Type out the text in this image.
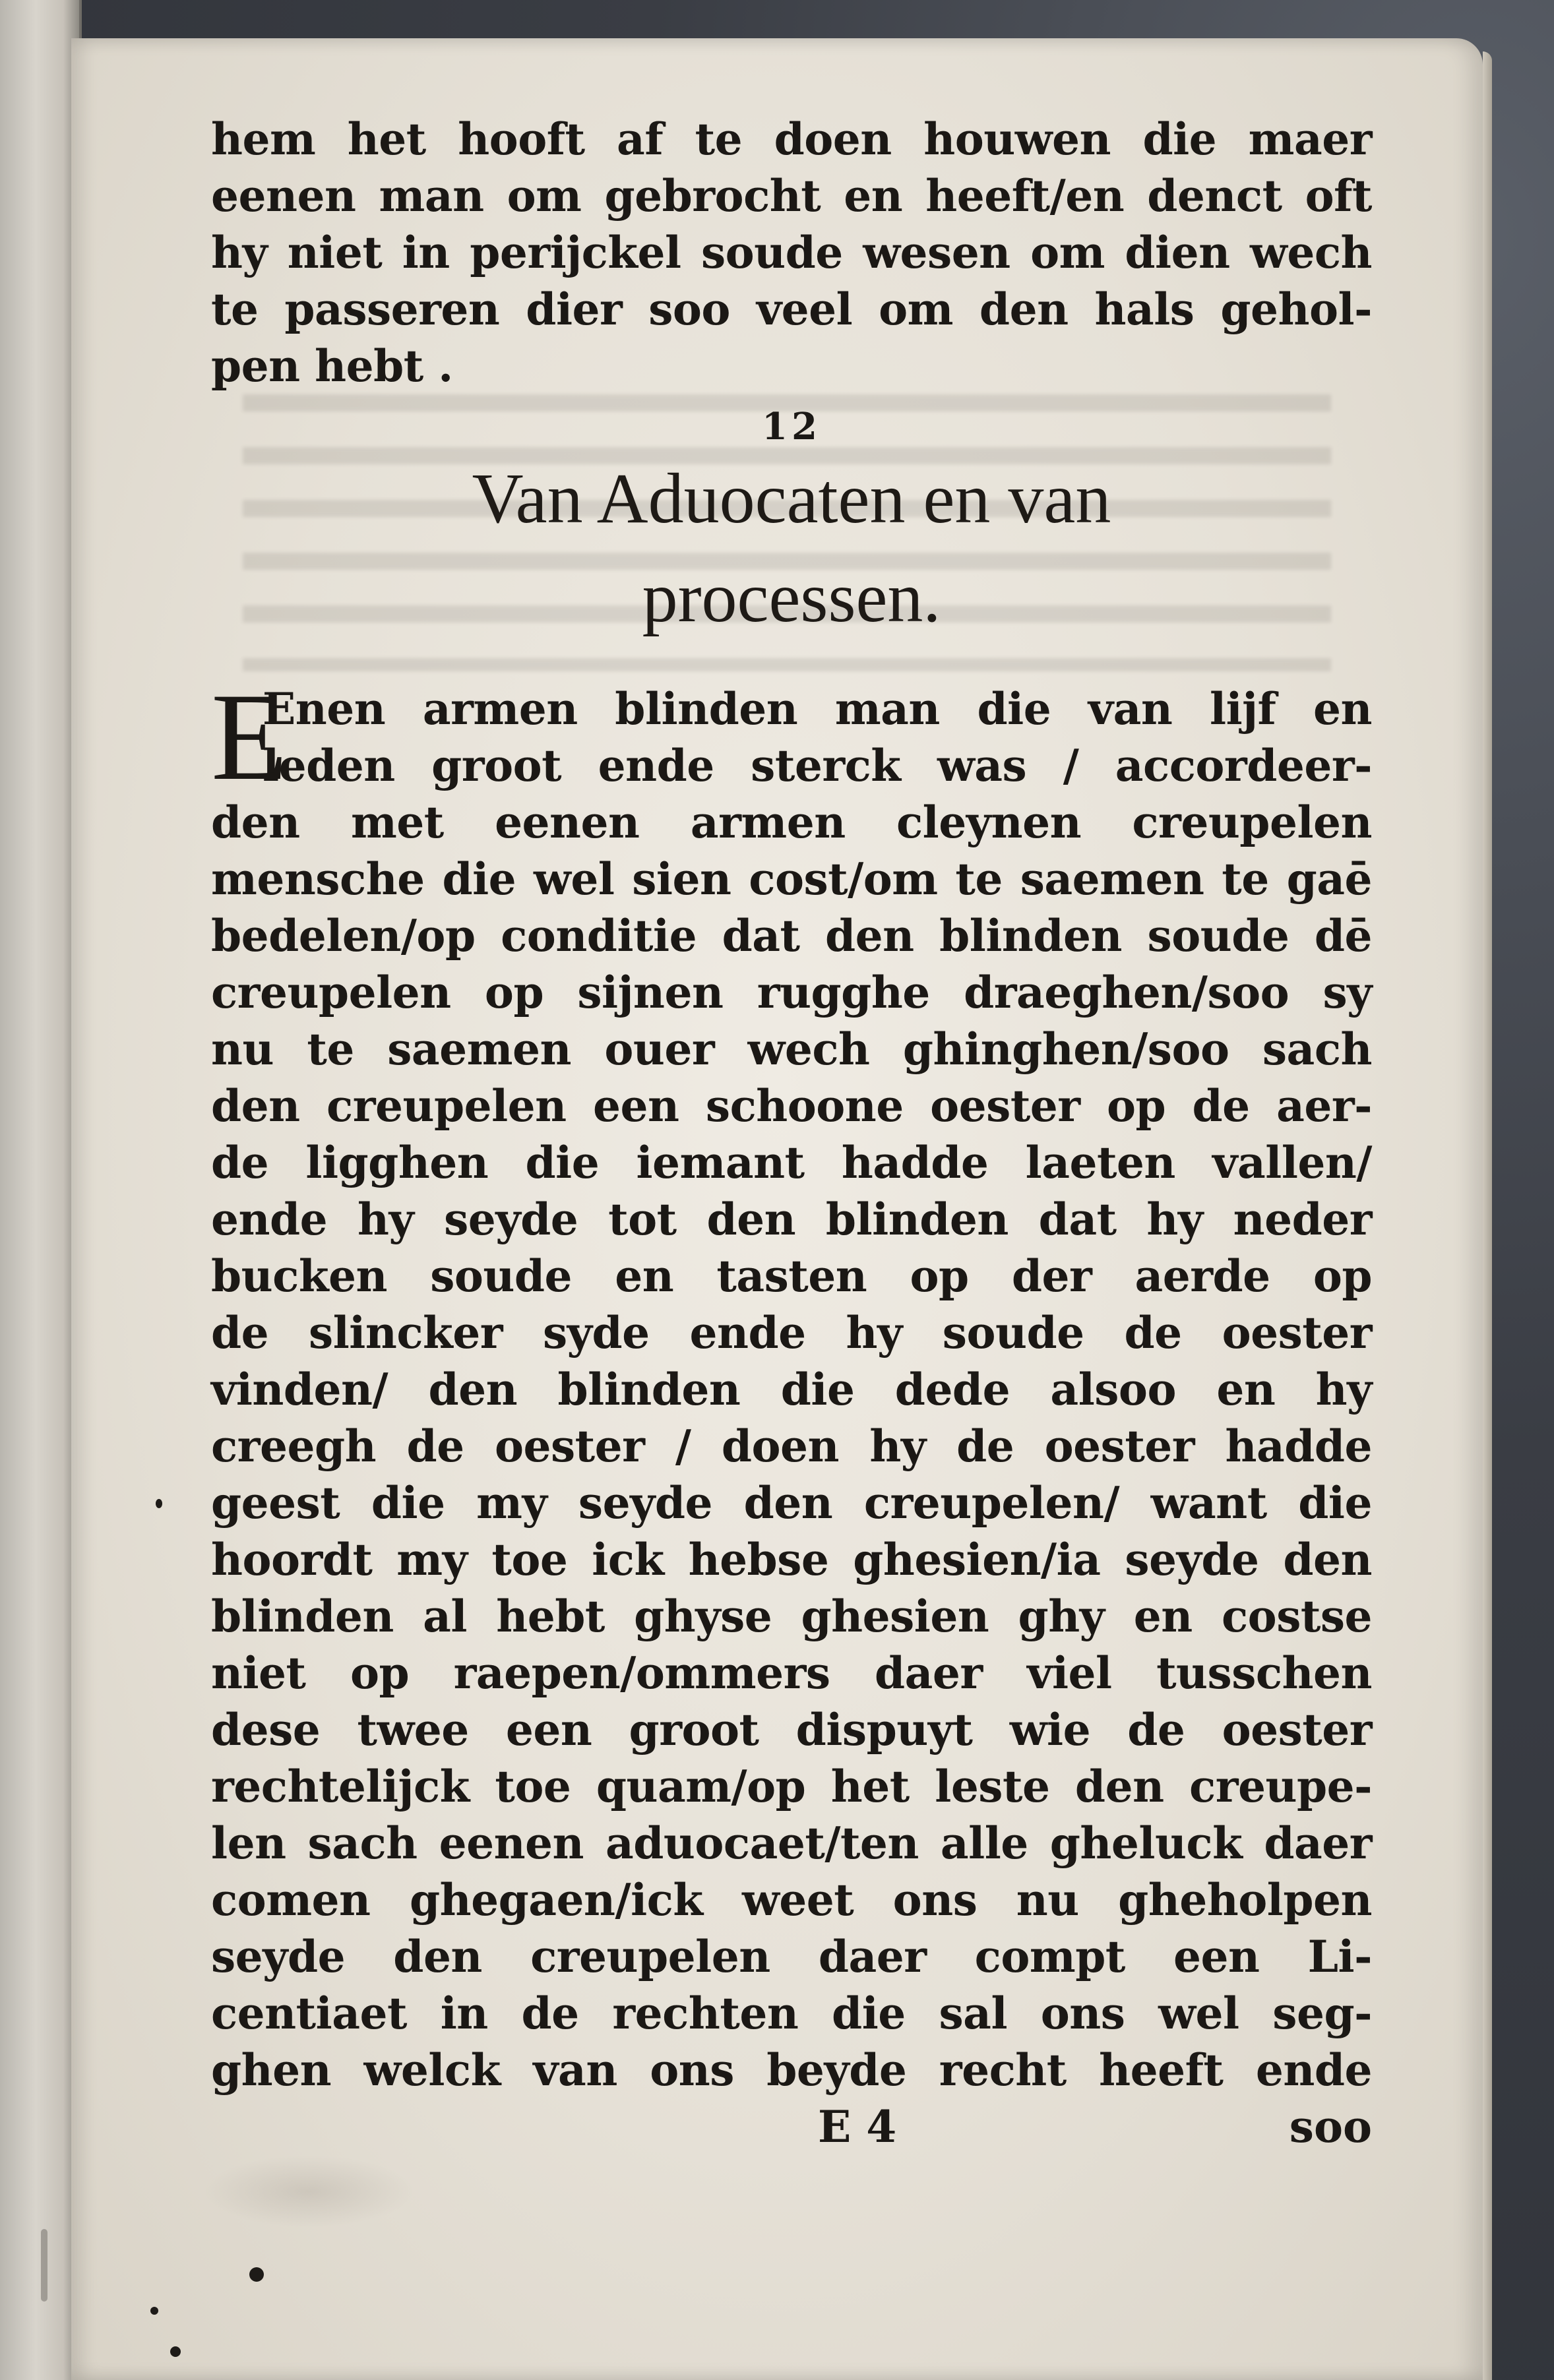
hem het hooft af te doen houwen die maer
eenen man om gebrocht en heeft/en denct oft
hy niet in perijckel soude wesen om dien wech
te passeren dier soo veel om den hals gehol-
pen hebt .
12
Van Aduocaten en van
processen.
E
Enen armen blinden man die van lijf en
leden groot ende sterck was / accordeer-
den met eenen armen cleynen creupelen
mensche die wel sien cost/om te saemen te gaē
bedelen/op conditie dat den blinden soude dē
creupelen op sijnen rugghe draeghen/soo sy
nu te saemen ouer wech ghinghen/soo sach
den creupelen een schoone oester op de aer-
de ligghen die iemant hadde laeten vallen/
ende hy seyde tot den blinden dat hy neder
bucken soude en tasten op der aerde op
de slincker syde ende hy soude de oester
vinden/ den blinden die dede alsoo en hy
creegh de oester / doen hy de oester hadde
geest die my seyde den creupelen/ want die
hoordt my toe ick hebse ghesien/ia seyde den
blinden al hebt ghyse ghesien ghy en costse
niet op raepen/ommers daer viel tusschen
dese twee een groot dispuyt wie de oester
rechtelijck toe quam/op het leste den creupe-
len sach eenen aduocaet/ten alle gheluck daer
comen ghegaen/ick weet ons nu gheholpen
seyde den creupelen daer compt een Li-
centiaet in de rechten die sal ons wel seg-
ghen welck van ons beyde recht heeft ende
E 4	soo
